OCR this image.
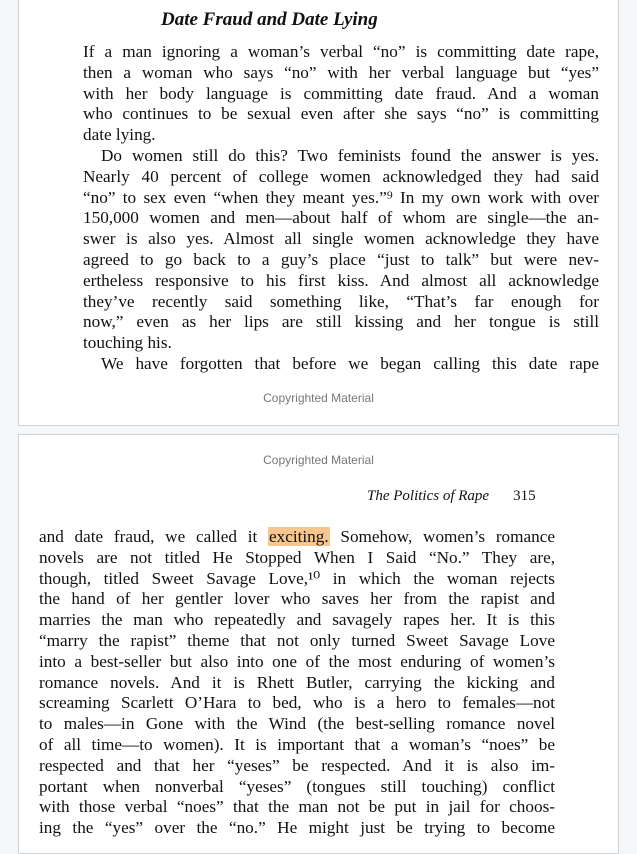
Date Fraud and Date Lying
If a man ignoring a woman’s verbal “no” is committing date rape,
then a woman who says “no” with her verbal language but “yes”
with her body language is committing date fraud. And a woman
who continues to be sexual even after she says “no” is committing
date lying.
Do women still do this? Two feminists found the answer is yes.
Nearly 40 percent of college women acknowledged they had said
“no” to sex even “when they meant yes.”⁹ In my own work with over
150,000 women and men—about half of whom are single—the an-
swer is also yes. Almost all single women acknowledge they have
agreed to go back to a guy’s place “just to talk” but were nev-
ertheless responsive to his first kiss. And almost all acknowledge
they’ve recently said something like, “That’s far enough for
now,” even as her lips are still kissing and her tongue is still
touching his.
We have forgotten that before we began calling this date rape
Copyrighted Material
Copyrighted Material
The Politics of Rape 315
and date fraud, we called it exciting. Somehow, women’s romance
novels are not titled He Stopped When I Said “No.” They are,
though, titled Sweet Savage Love,¹⁰ in which the woman rejects
the hand of her gentler lover who saves her from the rapist and
marries the man who repeatedly and savagely rapes her. It is this
“marry the rapist” theme that not only turned Sweet Savage Love
into a best-seller but also into one of the most enduring of women’s
romance novels. And it is Rhett Butler, carrying the kicking and
screaming Scarlett O’Hara to bed, who is a hero to females—not
to males—in Gone with the Wind (the best-selling romance novel
of all time—to women). It is important that a woman’s “noes” be
respected and that her “yeses” be respected. And it is also im-
portant when nonverbal “yeses” (tongues still touching) conflict
with those verbal “noes” that the man not be put in jail for choos-
ing the “yes” over the “no.” He might just be trying to become
